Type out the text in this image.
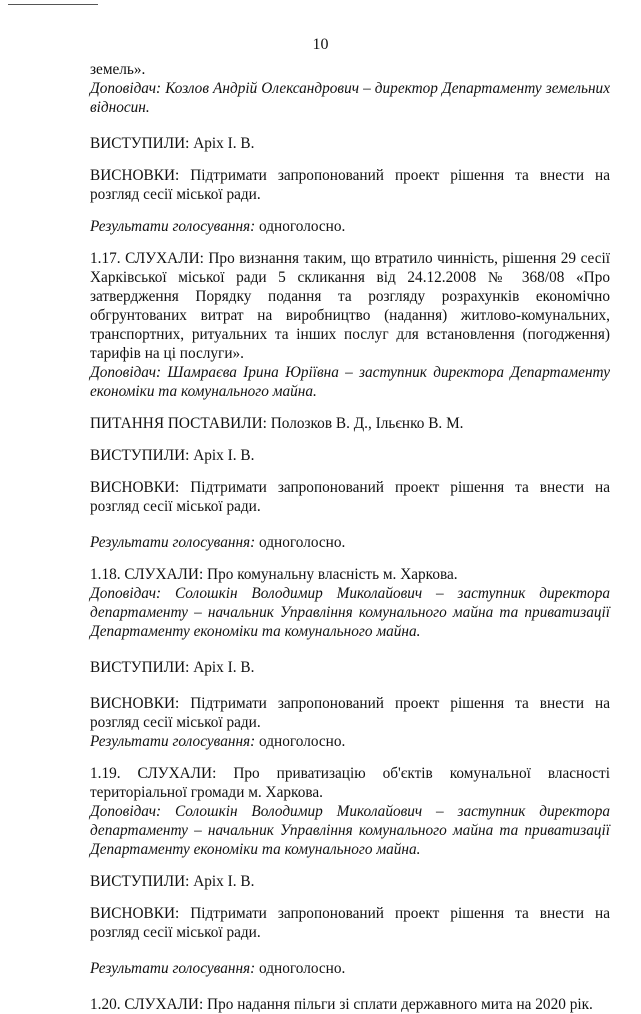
10

земель».

Доповідач: Козлов Андрій Олександрович – директор Департаменту земельних відносин.

ВИСТУПИЛИ: Аріх І. В.

ВИСНОВКИ: Підтримати запропонований проект рішення та внести на розгляд сесії міської ради.

Результати голосування: одноголосно.

1.17. СЛУХАЛИ: Про визнання таким, що втратило чинність, рішення 29 сесії Харківської міської ради 5 скликання від 24.12.2008 № 368/08 «Про затвердження Порядку подання та розгляду розрахунків економічно обгрунтованих витрат на виробництво (надання) житлово-комунальних, транспортних, ритуальних та інших послуг для встановлення (погодження) тарифів на ці послуги».

Доповідач: Шамраєва Ірина Юріївна – заступник директора Департаменту економіки та комунального майна.

ПИТАННЯ ПОСТАВИЛИ: Полозков В. Д., Ільєнко В. М.

ВИСТУПИЛИ: Аріх І. В.

ВИСНОВКИ: Підтримати запропонований проект рішення та внести на розгляд сесії міської ради.

Результати голосування: одноголосно.

1.18. СЛУХАЛИ: Про комунальну власність м. Харкова.

Доповідач: Солошкін Володимир Миколайович – заступник директора департаменту – начальник Управління комунального майна та приватизації Департаменту економіки та комунального майна.

ВИСТУПИЛИ: Аріх І. В.

ВИСНОВКИ: Підтримати запропонований проект рішення та внести на розгляд сесії міської ради.

Результати голосування: одноголосно.

1.19. СЛУХАЛИ: Про приватизацію об'єктів комунальної власності територіальної громади м. Харкова.

Доповідач: Солошкін Володимир Миколайович – заступник директора департаменту – начальник Управління комунального майна та приватизації Департаменту економіки та комунального майна.

ВИСТУПИЛИ: Аріх І. В.

ВИСНОВКИ: Підтримати запропонований проект рішення та внести на розгляд сесії міської ради.

Результати голосування: одноголосно.

1.20. СЛУХАЛИ: Про надання пільги зі сплати державного мита на 2020 рік.
